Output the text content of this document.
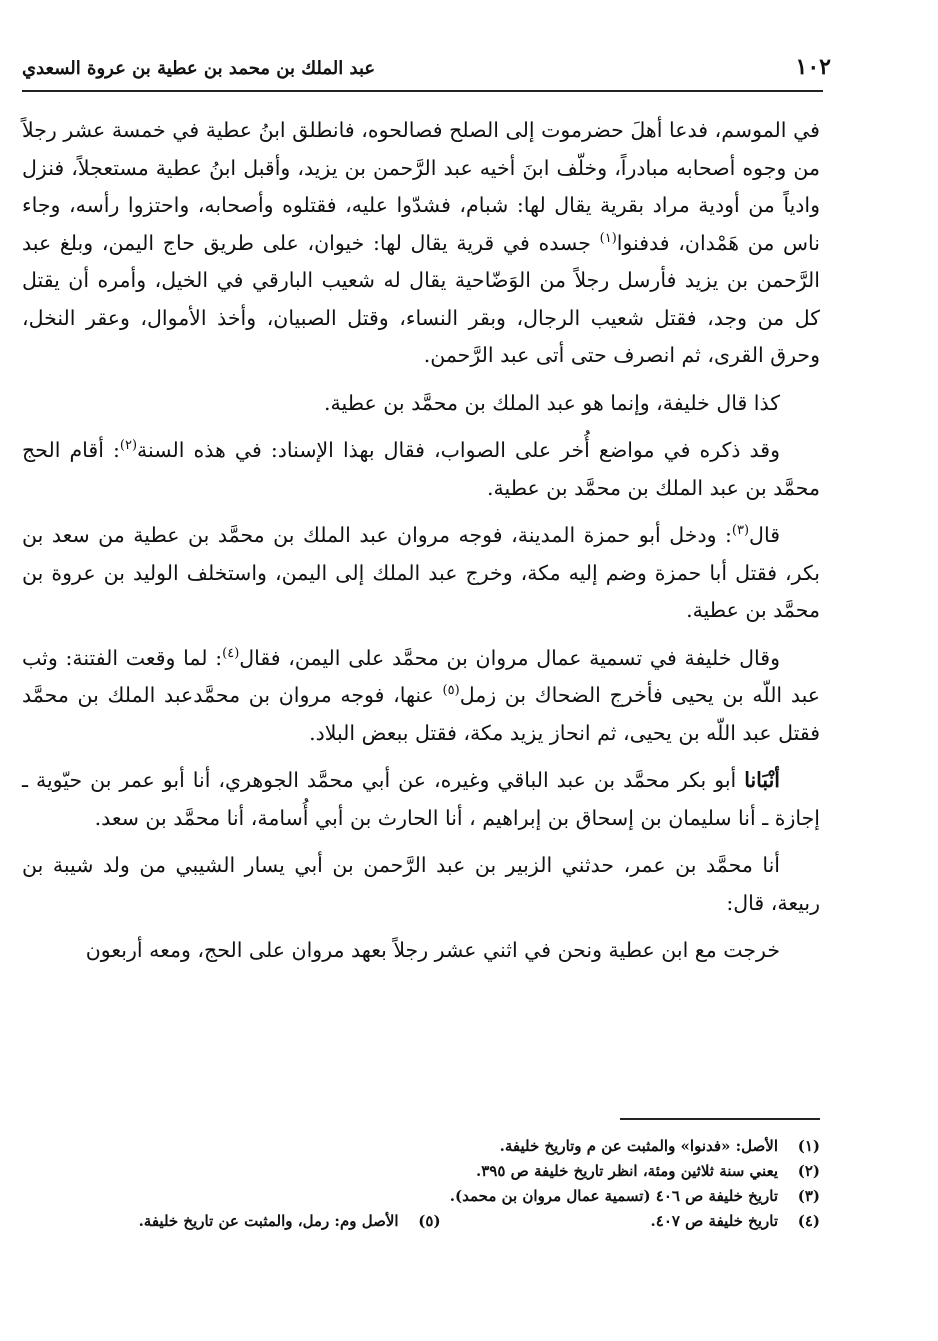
١٠٢
عبد الملك بن محمد بن عطية بن عروة السعدي

في الموسم، فدعا أهلَ حضرموت إلى الصلح فصالحوه، فانطلق ابنُ عطية في خمسة عشر رجلاً من وجوه أصحابه مبادراً، وخلّف ابنَ أخيه عبد الرَّحمن بن يزيد، وأقبل ابنُ عطية مستعجلاً، فنزل وادياً من أودية مراد بقرية يقال لها: شبام، فشدّوا عليه، فقتلوه وأصحابه، واحتزوا رأسه، وجاء ناس من هَمْدان، فدفنوا$^{(١)}$ جسده في قرية يقال لها: خيوان، على طريق حاج اليمن، وبلغ عبد الرَّحمن بن يزيد فأرسل رجلاً من الوَضّاحية يقال له شعيب البارقي في الخيل، وأمره أن يقتل كل من وجد، فقتل شعيب الرجال، وبقر النساء، وقتل الصبيان، وأخذ الأموال، وعقر النخل، وحرق القرى، ثم انصرف حتى أتى عبد الرَّحمن.

كذا قال خليفة، وإنما هو عبد الملك بن محمَّد بن عطية.

وقد ذكره في مواضع أُخر على الصواب، فقال بهذا الإسناد: في هذه السنة$^{(٢)}$: أقام الحج محمَّد بن عبد الملك بن محمَّد بن عطية.

قال$^{(٣)}$: ودخل أبو حمزة المدينة، فوجه مروان عبد الملك بن محمَّد بن عطية من سعد بن بكر، فقتل أبا حمزة وضم إليه مكة، وخرج عبد الملك إلى اليمن، واستخلف الوليد بن عروة بن محمَّد بن عطية.

وقال خليفة في تسمية عمال مروان بن محمَّد على اليمن، فقال$^{(٤)}$: لما وقعت الفتنة: وثب عبد اللّه بن يحيى فأخرج الضحاك بن زمل$^{(٥)}$ عنها، فوجه مروان بن محمَّدعبد الملك بن محمَّد فقتل عبد اللّه بن يحيى، ثم انحاز يزيد مكة، فقتل ببعض البلاد.

أنْبَانا أبو بكر محمَّد بن عبد الباقي وغيره، عن أبي محمَّد الجوهري، أنا أبو عمر بن حيّوية ـ إجازة ـ أنا سليمان بن إسحاق بن إبراهيم ، أنا الحارث بن أبي أُسامة، أنا محمَّد بن سعد.

أنا محمَّد بن عمر، حدثني الزبير بن عبد الرَّحمن بن أبي يسار الشيبي من ولد شيبة بن ربيعة، قال:

خرجت مع ابن عطية ونحن في اثني عشر رجلاً بعهد مروان على الحج، ومعه أربعون

(١)
الأصل: «فدنوا» والمثبت عن م وتاريخ خليفة.
(٢)
يعني سنة ثلاثين ومئة، انظر تاريخ خليفة ص ٣٩٥.
(٣)
تاريخ خليفة ص ٤٠٦ (تسمية عمال مروان بن محمد).
(٤)
تاريخ خليفة ص ٤٠٧.
(٥)
الأصل وم: رمل، والمثبت عن تاريخ خليفة.
